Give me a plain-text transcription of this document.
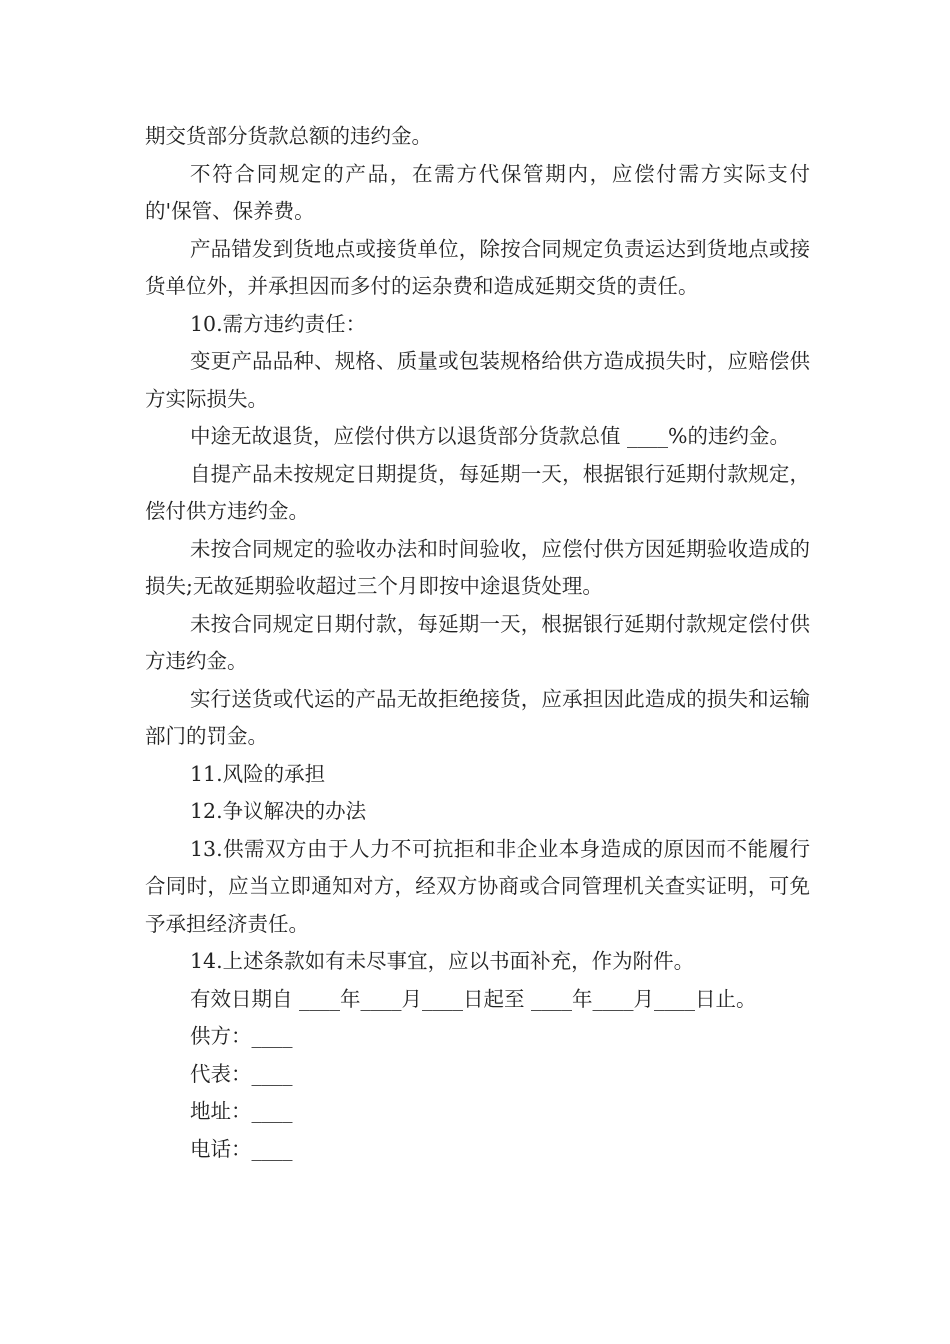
期交货部分货款总额的违约金。

不符合同规定的产品，在需方代保管期内，应偿付需方实际支付的'保管、保养费。

产品错发到货地点或接货单位，除按合同规定负责运达到货地点或接货单位外，并承担因而多付的运杂费和造成延期交货的责任。

10.需方违约责任：

变更产品品种、规格、质量或包装规格给供方造成损失时，应赔偿供方实际损失。

中途无故退货，应偿付供方以退货部分货款总值 ____%的违约金。

自提产品未按规定日期提货，每延期一天，根据银行延期付款规定，偿付供方违约金。

未按合同规定的验收办法和时间验收，应偿付供方因延期验收造成的损失;无故延期验收超过三个月即按中途退货处理。

未按合同规定日期付款，每延期一天，根据银行延期付款规定偿付供方违约金。

实行送货或代运的产品无故拒绝接货，应承担因此造成的损失和运输部门的罚金。

11.风险的承担

12.争议解决的办法

13.供需双方由于人力不可抗拒和非企业本身造成的原因而不能履行合同时，应当立即通知对方，经双方协商或合同管理机关查实证明，可免予承担经济责任。

14.上述条款如有未尽事宜，应以书面补充，作为附件。

有效日期自 ____年____月____日起至 ____年____月____日止。

供方：____

代表：____

地址：____

电话：____
